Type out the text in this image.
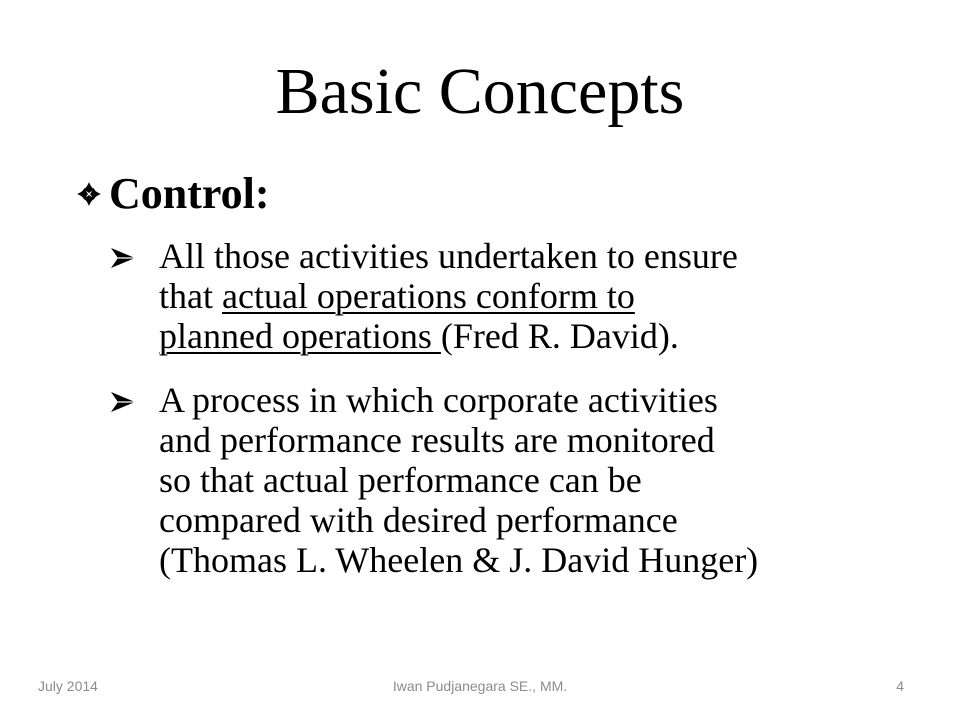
Basic Concepts
Control:
All those activities undertaken to ensure
that actual operations conform to
planned operations (Fred R. David).
A process in which corporate activities
and performance results are monitored
so that actual performance can be
compared with desired performance
(Thomas L. Wheelen & J. David Hunger)
July 2014	Iwan Pudjanegara SE., MM.	4
